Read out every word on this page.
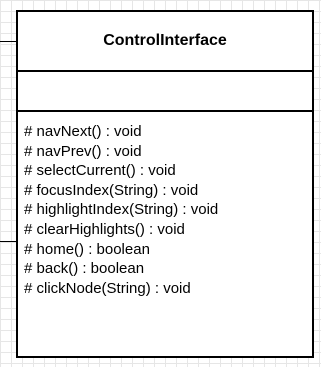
ControlInterface
# navNext() : void
# navPrev() : void
# selectCurrent() : void
# focusIndex(String) : void
# highlightIndex(String) : void
# clearHighlights() : void
# home() : boolean
# back() : boolean
# clickNode(String) : void
